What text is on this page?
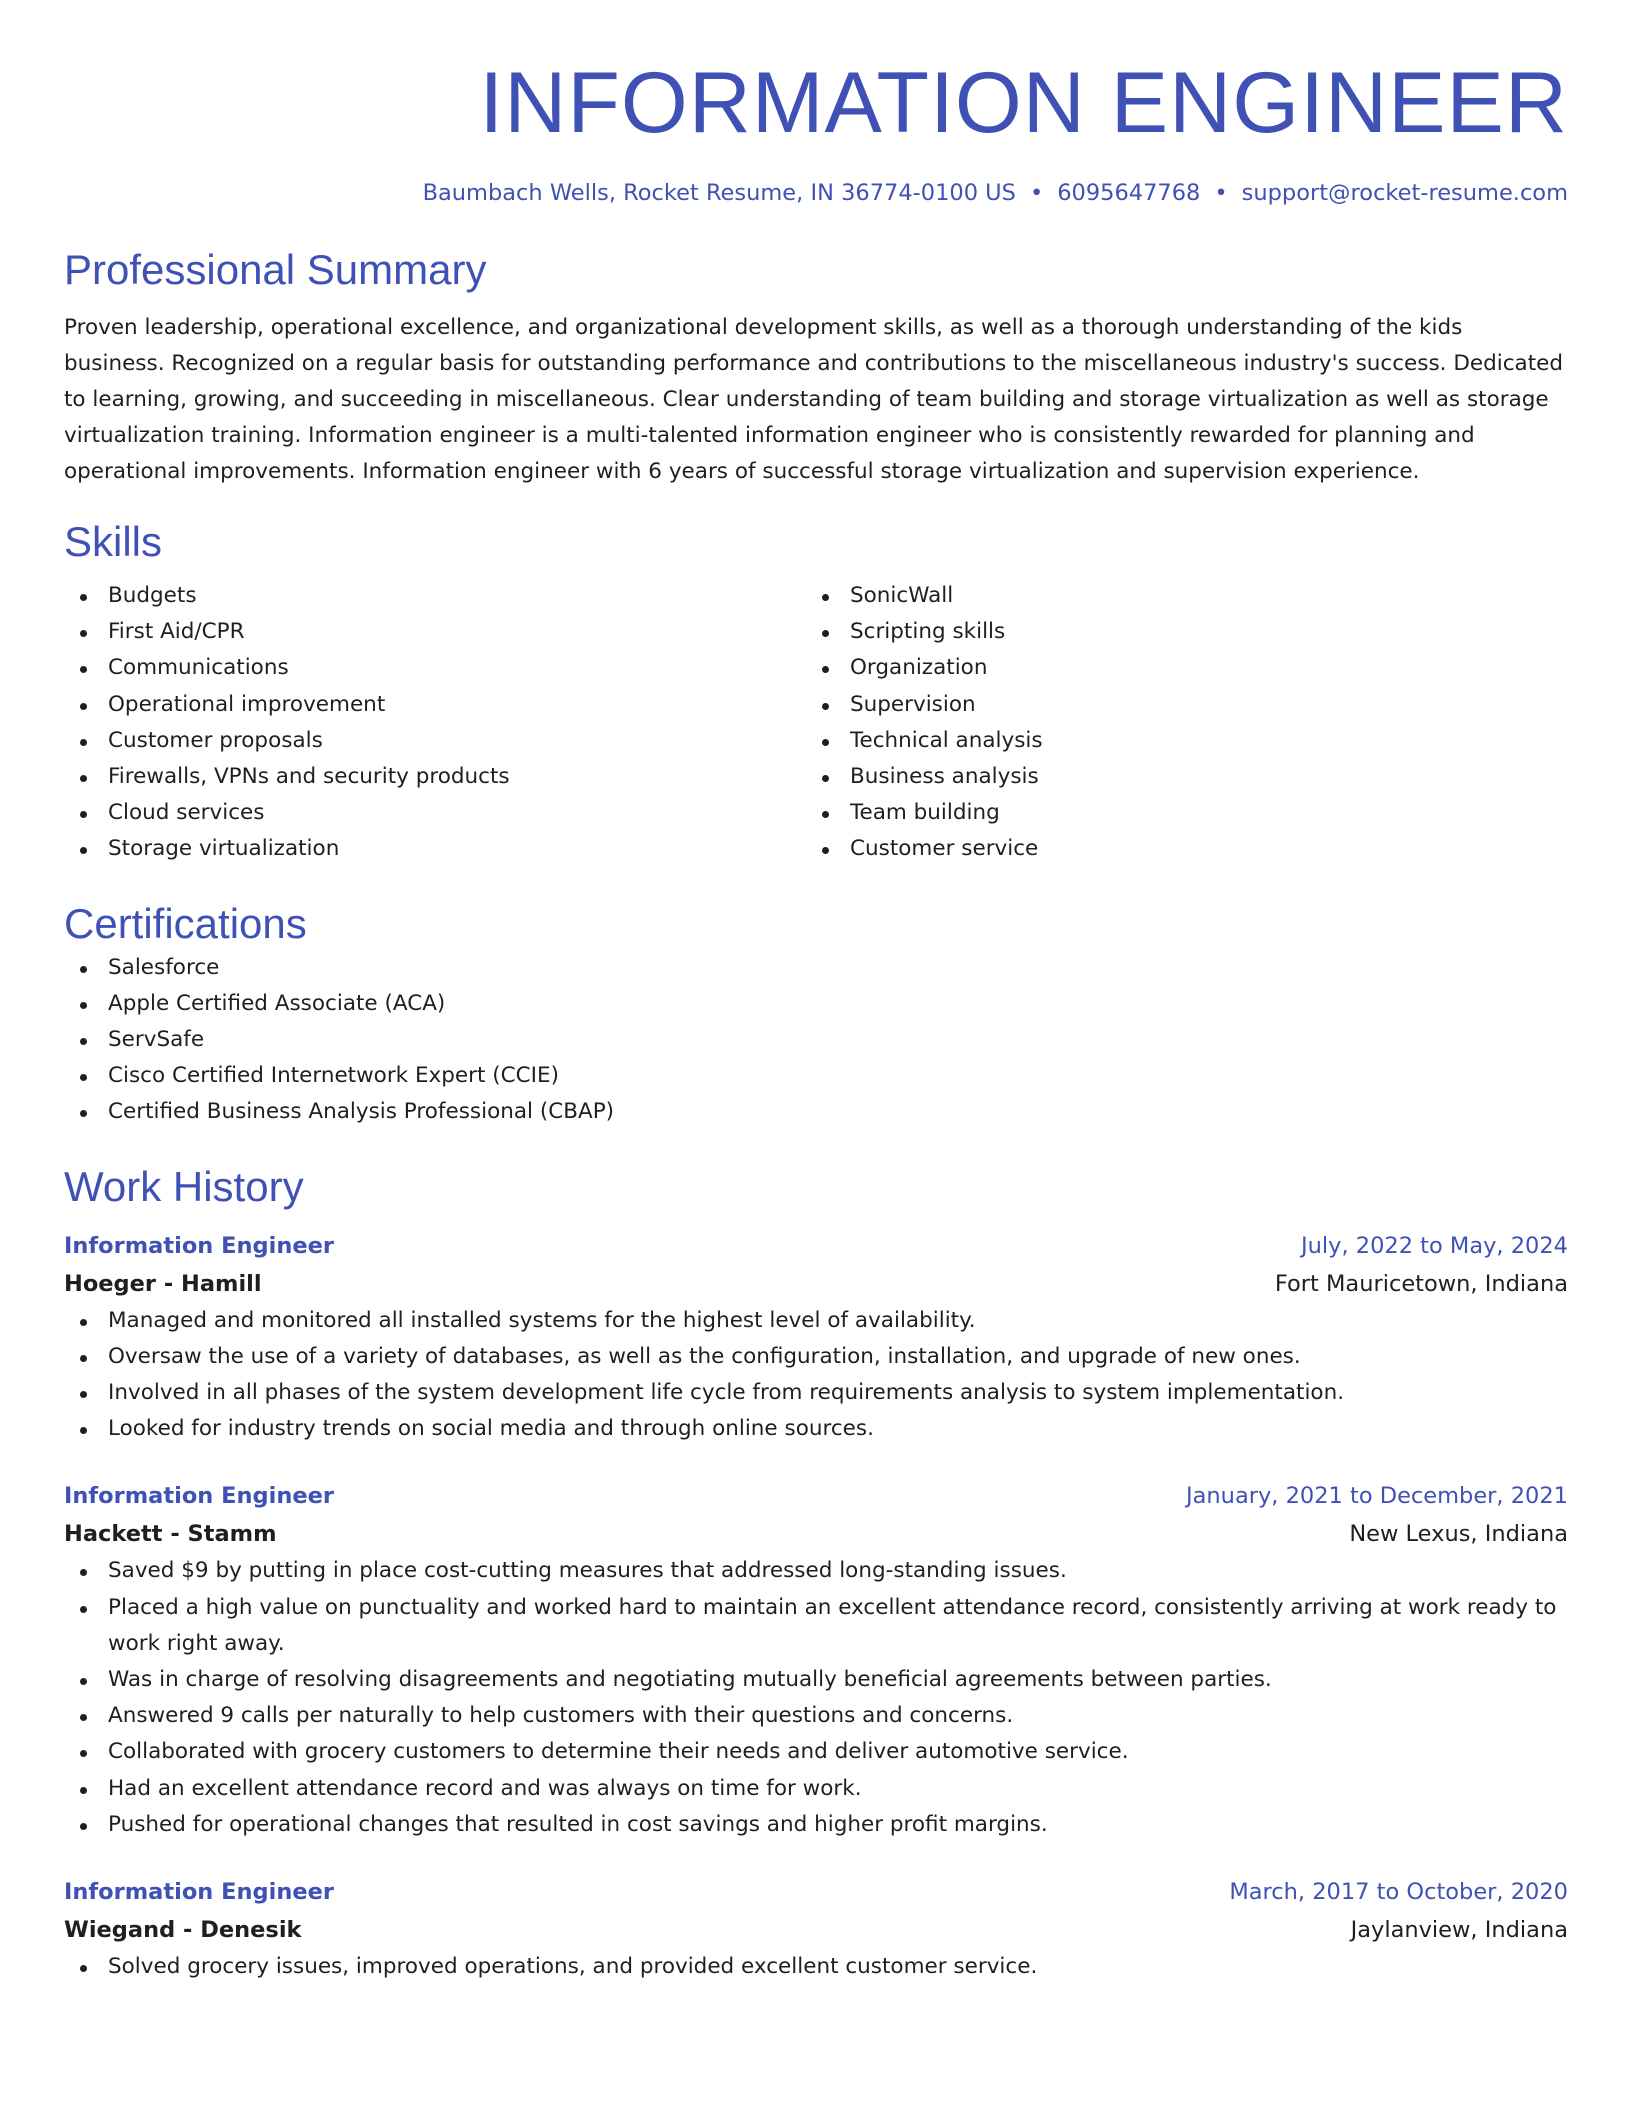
INFORMATION ENGINEER
Baumbach Wells, Rocket Resume, IN 36774-0100 US • 6095647768 • support@rocket-resume.com
Professional Summary

Proven leadership, operational excellence, and organizational development skills, as well as a thorough understanding of the kids business. Recognized on a regular basis for outstanding performance and contributions to the miscellaneous industry's success. Dedicated to learning, growing, and succeeding in miscellaneous. Clear understanding of team building and storage virtualization as well as storage virtualization training. Information engineer is a multi-talented information engineer who is consistently rewarded for planning and operational improvements. Information engineer with 6 years of successful storage virtualization and supervision experience.

Skills
Budgets
First Aid/CPR
Communications
Operational improvement
Customer proposals
Firewalls, VPNs and security products
Cloud services
Storage virtualization
SonicWall
Scripting skills
Organization
Supervision
Technical analysis
Business analysis
Team building
Customer service
Certifications
Salesforce
Apple Certified Associate (ACA)
ServSafe
Cisco Certified Internetwork Expert (CCIE)
Certified Business Analysis Professional (CBAP)
Work History
Information Engineer	July, 2022 to May, 2024
Hoeger - Hamill	Fort Mauricetown, Indiana
Managed and monitored all installed systems for the highest level of availability.
Oversaw the use of a variety of databases, as well as the configuration, installation, and upgrade of new ones.
Involved in all phases of the system development life cycle from requirements analysis to system implementation.
Looked for industry trends on social media and through online sources.
Information Engineer	January, 2021 to December, 2021
Hackett - Stamm	New Lexus, Indiana
Saved $9 by putting in place cost-cutting measures that addressed long-standing issues.
Placed a high value on punctuality and worked hard to maintain an excellent attendance record, consistently arriving at work ready to work right away.
Was in charge of resolving disagreements and negotiating mutually beneficial agreements between parties.
Answered 9 calls per naturally to help customers with their questions and concerns.
Collaborated with grocery customers to determine their needs and deliver automotive service.
Had an excellent attendance record and was always on time for work.
Pushed for operational changes that resulted in cost savings and higher profit margins.
Information Engineer	March, 2017 to October, 2020
Wiegand - Denesik	Jaylanview, Indiana
Solved grocery issues, improved operations, and provided excellent customer service.
